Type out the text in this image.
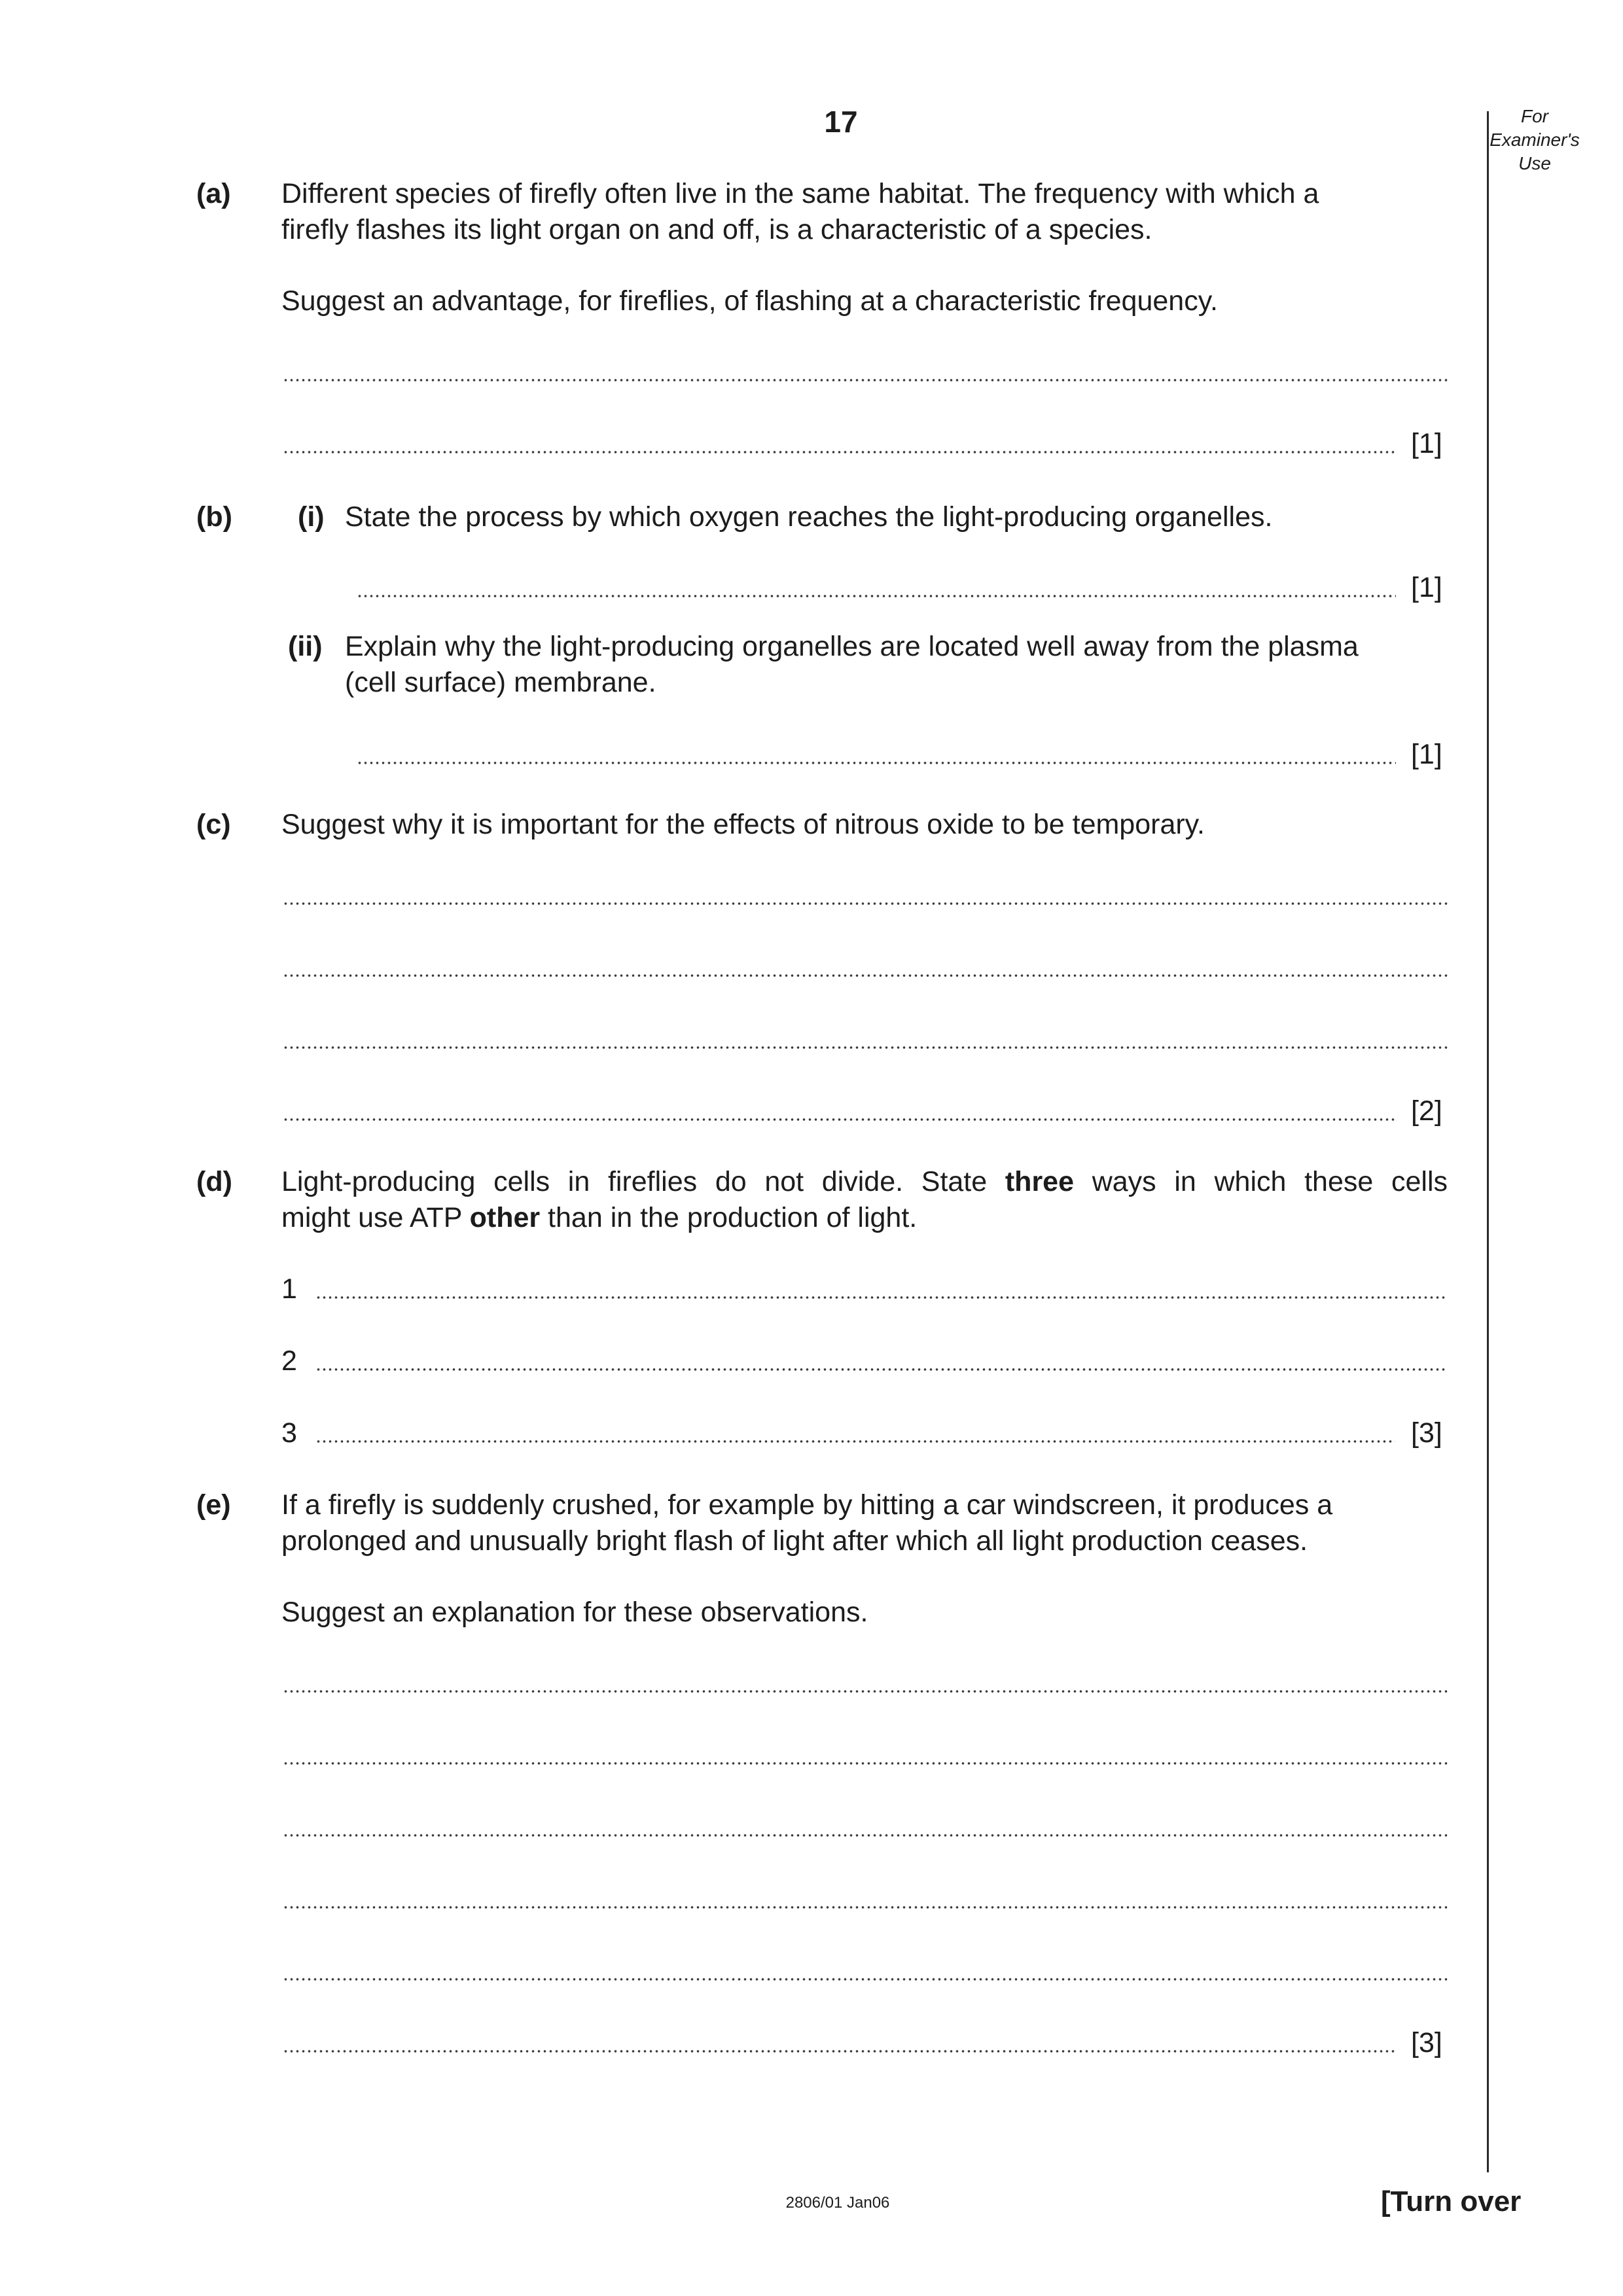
17	For
Examiner's
Use
(a) Different species of firefly often live in the same habitat. The frequency with which a
firefly flashes its light organ on and off, is a characteristic of a species.
Suggest an advantage, for fireflies, of flashing at a characteristic frequency.
[1]
(b) (i) State the process by which oxygen reaches the light-producing organelles.
[1]
(ii) Explain why the light-producing organelles are located well away from the plasma
(cell surface) membrane.
[1]
(c) Suggest why it is important for the effects of nitrous oxide to be temporary.
[2]
(d) Light-producing cells in fireflies do not divide. State three ways in which these cells
might use ATP other than in the production of light.
1
2
3	[3]
(e) If a firefly is suddenly crushed, for example by hitting a car windscreen, it produces a
prolonged and unusually bright flash of light after which all light production ceases.
Suggest an explanation for these observations.
[3]
2806/01 Jan06	[Turn over
